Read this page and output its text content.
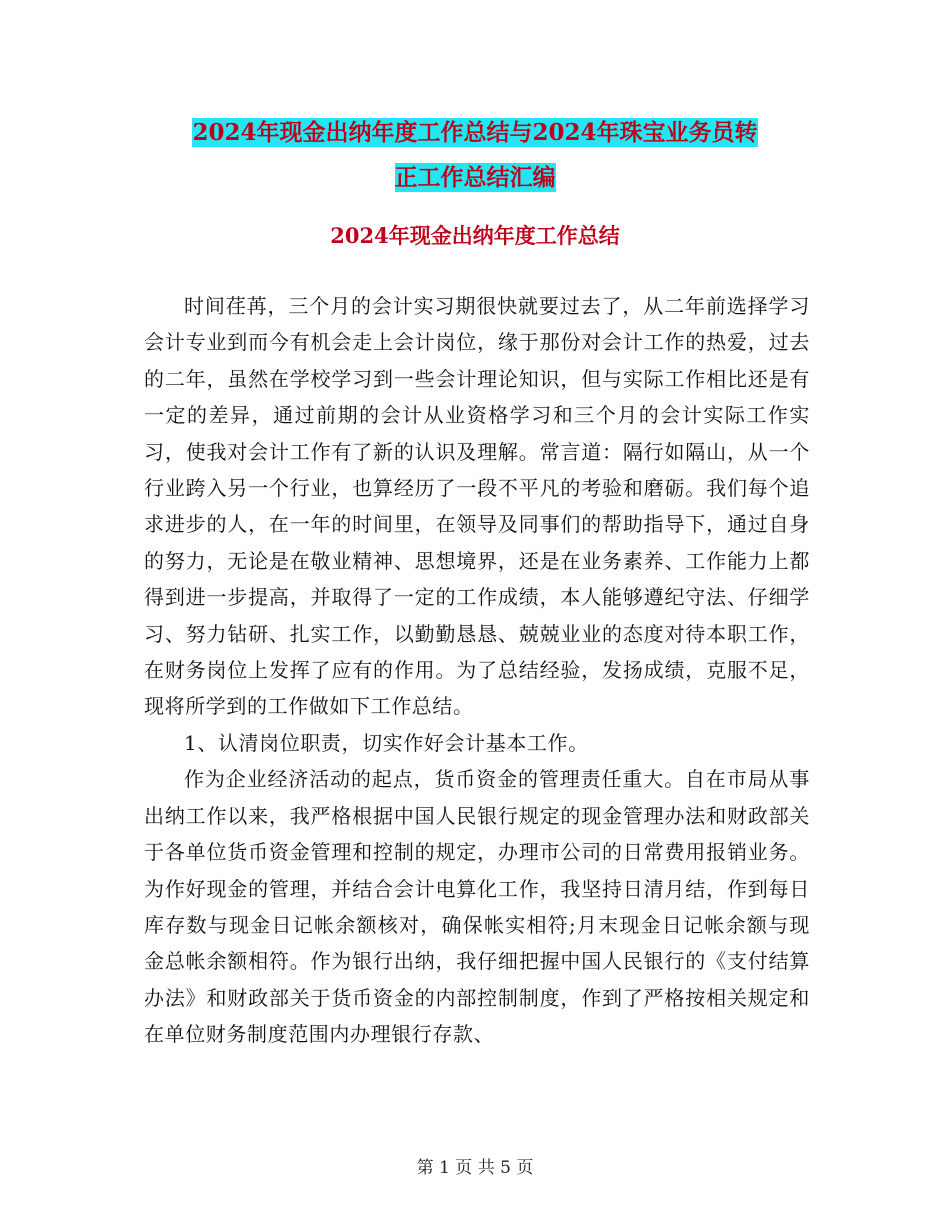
2024年现金出纳年度工作总结与2024年珠宝业务员转
正工作总结汇编
2024年现金出纳年度工作总结

时间荏苒，三个月的会计实习期很快就要过去了，从二年前选择学习会计专业到而今有机会走上会计岗位，缘于那份对会计工作的热爱，过去的二年，虽然在学校学习到一些会计理论知识，但与实际工作相比还是有一定的差异，通过前期的会计从业资格学习和三个月的会计实际工作实习，使我对会计工作有了新的认识及理解。常言道：隔行如隔山，从一个行业跨入另一个行业，也算经历了一段不平凡的考验和磨砺。我们每个追求进步的人，在一年的时间里，在领导及同事们的帮助指导下，通过自身的努力，无论是在敬业精神、思想境界，还是在业务素养、工作能力上都得到进一步提高，并取得了一定的工作成绩，本人能够遵纪守法、仔细学习、努力钻研、扎实工作，以勤勤恳恳、兢兢业业的态度对待本职工作，在财务岗位上发挥了应有的作用。为了总结经验，发扬成绩，克服不足，现将所学到的工作做如下工作总结。

1、认清岗位职责，切实作好会计基本工作。

作为企业经济活动的起点，货币资金的管理责任重大。自在市局从事出纳工作以来，我严格根据中国人民银行规定的现金管理办法和财政部关于各单位货币资金管理和控制的规定，办理市公司的日常费用报销业务。为作好现金的管理，并结合会计电算化工作，我坚持日清月结，作到每日库存数与现金日记帐余额核对，确保帐实相符;月末现金日记帐余额与现金总帐余额相符。作为银行出纳，我仔细把握中国人民银行的《支付结算办法》和财政部关于货币资金的内部控制制度，作到了严格按相关规定和在单位财务制度范围内办理银行存款、

第 1 页 共 5 页
